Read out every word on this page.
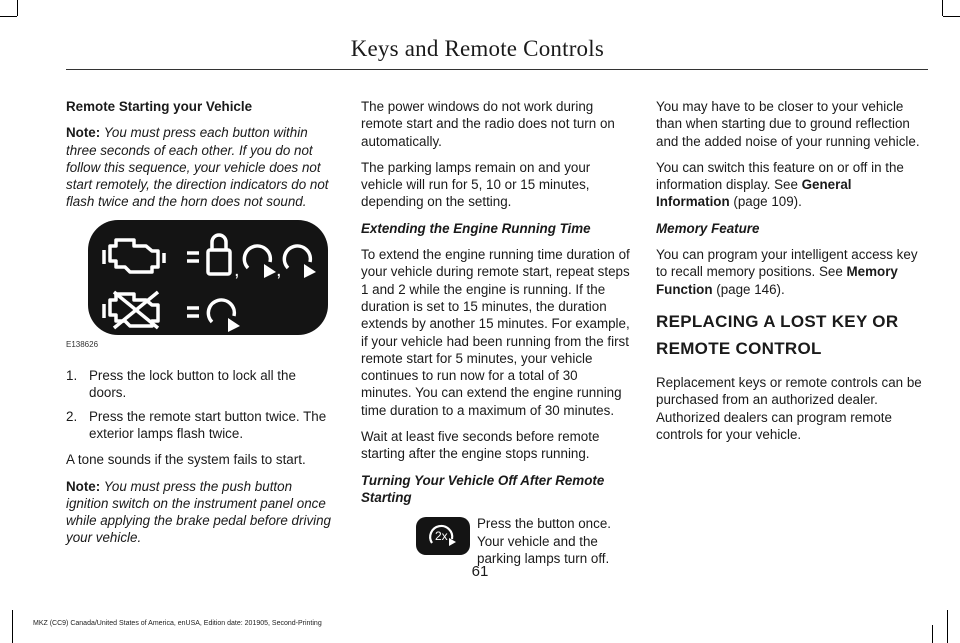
Keys and Remote Controls

Remote Starting your Vehicle

Note: You must press each button within three seconds of each other. If you do not follow this sequence, your vehicle does not start remotely, the direction indicators do not flash twice and the horn does not sound.

, ,
E138626
1. Press the lock button to lock all the doors.
2. Press the remote start button twice. The exterior lamps flash twice.

A tone sounds if the system fails to start.

Note: You must press the push button ignition switch on the instrument panel once while applying the brake pedal before driving your vehicle.

The power windows do not work during remote start and the radio does not turn on automatically.

The parking lamps remain on and your vehicle will run for 5, 10 or 15 minutes, depending on the setting.

Extending the Engine Running Time

To extend the engine running time duration of your vehicle during remote start, repeat steps 1 and 2 while the engine is running. If the duration is set to 15 minutes, the duration extends by another 15 minutes. For example, if your vehicle had been running from the first remote start for 5 minutes, your vehicle continues to run now for a total of 30 minutes. You can extend the engine running time duration to a maximum of 30 minutes.

Wait at least five seconds before remote starting after the engine stops running.

Turning Your Vehicle Off After Remote Starting

2x

Press the button once. Your vehicle and the parking lamps turn off.

You may have to be closer to your vehicle than when starting due to ground reflection and the added noise of your running vehicle.

You can switch this feature on or off in the information display. See General Information (page 109).

Memory Feature

You can program your intelligent access key to recall memory positions. See Memory Function (page 146).

REPLACING A LOST KEY OR
REMOTE CONTROL

Replacement keys or remote controls can be purchased from an authorized dealer. Authorized dealers can program remote controls for your vehicle.

61
MKZ (CC9) Canada/United States of America, enUSA, Edition date: 201905, Second-Printing
